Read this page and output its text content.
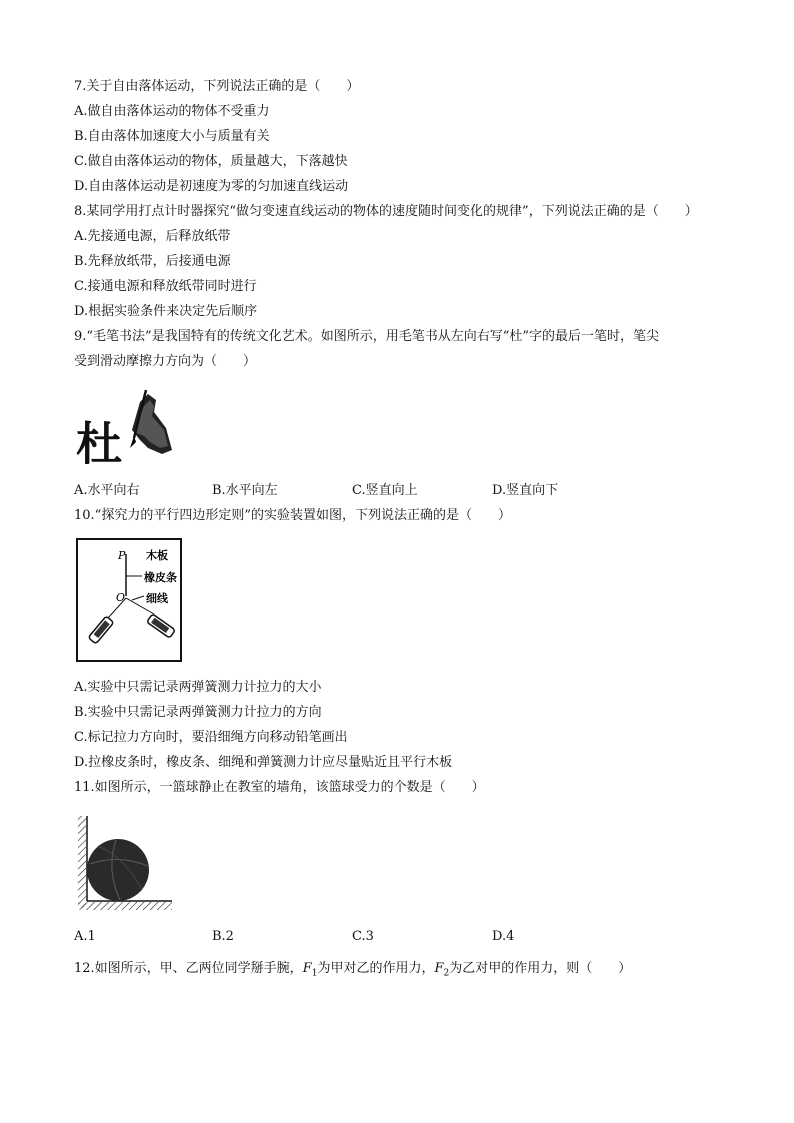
7.关于自由落体运动，下列说法正确的是（　　）
A.做自由落体运动的物体不受重力
B.自由落体加速度大小与质量有关
C.做自由落体运动的物体，质量越大，下落越快
D.自由落体运动是初速度为零的匀加速直线运动
8.某同学用打点计时器探究“做匀变速直线运动的物体的速度随时间变化的规律”，下列说法正确的是（　　）
A.先接通电源，后释放纸带
B.先释放纸带，后接通电源
C.接通电源和释放纸带同时进行
D.根据实验条件来决定先后顺序
9.“毛笔书法”是我国特有的传统文化艺术。如图所示，用毛笔书从左向右写“杜”字的最后一笔时，笔尖
受到滑动摩擦力方向为（　　）
杜
A.水平向右	B.水平向左	C.竖直向上	D.竖直向下
10.“探究力的平行四边形定则”的实验装置如图，下列说法正确的是（　　）
P 木板
橡皮条
细线
O
A.实验中只需记录两弹簧测力计拉力的大小
B.实验中只需记录两弹簧测力计拉力的方向
C.标记拉力方向时，要沿细绳方向移动铅笔画出
D.拉橡皮条时，橡皮条、细绳和弹簧测力计应尽量贴近且平行木板
11.如图所示，一篮球静止在教室的墙角，该篮球受力的个数是（　　）
A.1	B.2	C.3	D.4
12.如图所示，甲、乙两位同学掰手腕，$F_1$为甲对乙的作用力，$F_2$为乙对甲的作用力，则（　　）
